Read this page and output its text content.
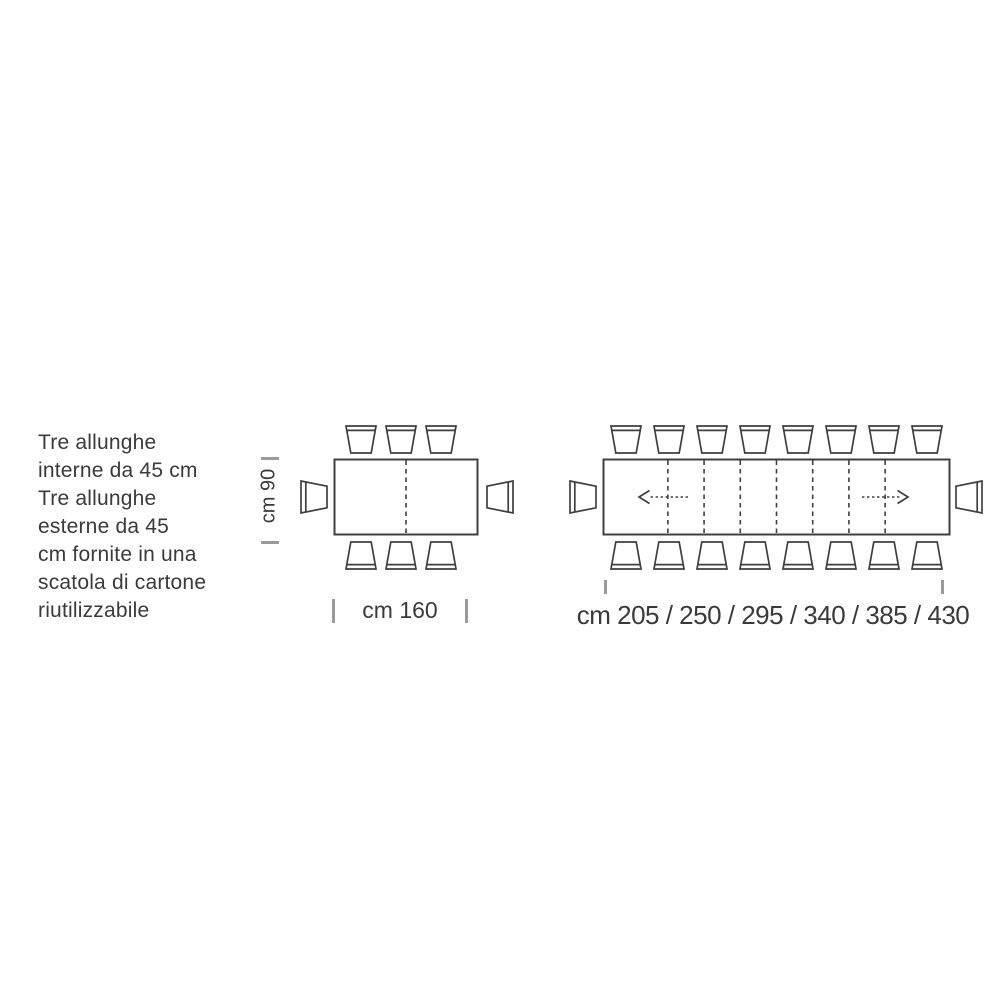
Tre allunghe
interne da 45 cm
Tre allunghe
esterne da 45
cm fornite in una
scatola di cartone
riutilizzabile
cm 90
cm 160	cm 205 / 250 / 295 / 340 / 385 / 430
